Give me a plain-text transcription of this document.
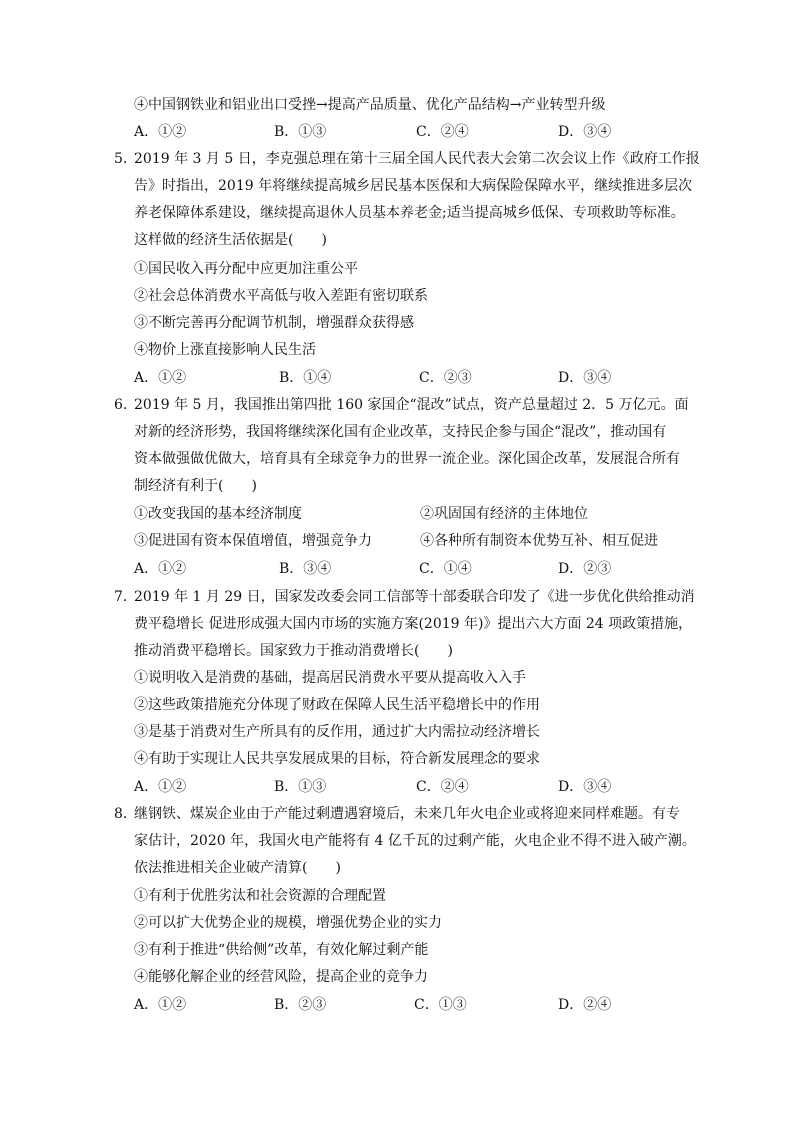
④中国钢铁业和铝业出口受挫→提高产品质量、优化产品结构→产业转型升级
A．①②	B．①③	C．②④	D．③④
5．
2019 年 3 月 5 日，李克强总理在第十三届全国人民代表大会第二次会议上作《政府工作报
告》时指出，2019 年将继续提高城乡居民基本医保和大病保险保障水平，继续推进多层次
养老保障体系建设，继续提高退休人员基本养老金;适当提高城乡低保、专项救助等标准。
这样做的经济生活依据是(　　)
①国民收入再分配中应更加注重公平
②社会总体消费水平高低与收入差距有密切联系
③不断完善再分配调节机制，增强群众获得感
④物价上涨直接影响人民生活
A．①②	B．①④	C．②③	D．③④
6．
2019 年 5 月，我国推出第四批 160 家国企“混改”试点，资产总量超过 2．5 万亿元。面
对新的经济形势，我国将继续深化国有企业改革，支持民企参与国企“混改”，推动国有
资本做强做优做大，培育具有全球竞争力的世界一流企业。深化国企改革，发展混合所有
制经济有利于(　　)
①改变我国的基本经济制度	②巩固国有经济的主体地位
③促进国有资本保值增值，增强竞争力	④各种所有制资本优势互补、相互促进
A．①②	B．③④	C．①④	D．②③
7．
2019 年 1 月 29 日，国家发改委会同工信部等十部委联合印发了《进一步优化供给推动消
费平稳增长 促进形成强大国内市场的实施方案(2019 年)》提出六大方面 24 项政策措施，
推动消费平稳增长。国家致力于推动消费增长(　　)
①说明收入是消费的基础，提高居民消费水平要从提高收入入手
②这些政策措施充分体现了财政在保障人民生活平稳增长中的作用
③是基于消费对生产所具有的反作用，通过扩大内需拉动经济增长
④有助于实现让人民共享发展成果的目标，符合新发展理念的要求
A．①②	B．①③	C．②④	D．③④
8．
继钢铁、煤炭企业由于产能过剩遭遇窘境后，未来几年火电企业或将迎来同样难题。有专
家估计，2020 年，我国火电产能将有 4 亿千瓦的过剩产能，火电企业不得不进入破产潮。
依法推进相关企业破产清算(　　)
①有利于优胜劣汰和社会资源的合理配置
②可以扩大优势企业的规模，增强优势企业的实力
③有利于推进“供给侧”改革，有效化解过剩产能
④能够化解企业的经营风险，提高企业的竞争力
A．①②	B．②③	C．①③	D．②④
